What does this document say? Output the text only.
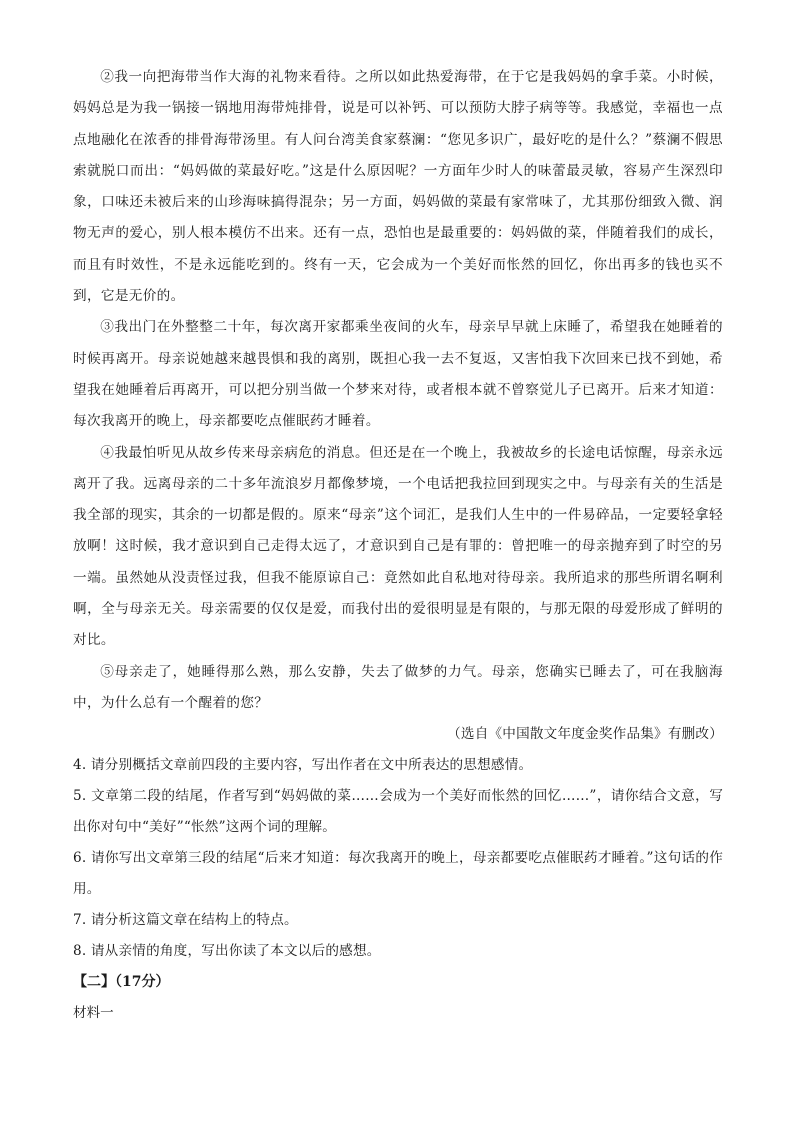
②我一向把海带当作大海的礼物来看待。之所以如此热爱海带，在于它是我妈妈的拿手菜。小时候，妈妈总是为我一锅接一锅地用海带炖排骨，说是可以补钙、可以预防大脖子病等等。我感觉，幸福也一点点地融化在浓香的排骨海带汤里。有人问台湾美食家蔡澜：“您见多识广，最好吃的是什么？”蔡澜不假思索就脱口而出：“妈妈做的菜最好吃。”这是什么原因呢？一方面年少时人的味蕾最灵敏，容易产生深烈印象，口味还未被后来的山珍海味搞得混杂；另一方面，妈妈做的菜最有家常味了，尤其那份细致入微、润物无声的爱心，别人根本模仿不出来。还有一点，恐怕也是最重要的：妈妈做的菜，伴随着我们的成长，而且有时效性，不是永远能吃到的。终有一天，它会成为一个美好而怅然的回忆，你出再多的钱也买不到，它是无价的。

③我出门在外整整二十年，每次离开家都乘坐夜间的火车，母亲早早就上床睡了，希望我在她睡着的时候再离开。母亲说她越来越畏惧和我的离别，既担心我一去不复返，又害怕我下次回来已找不到她，希望我在她睡着后再离开，可以把分别当做一个梦来对待，或者根本就不曾察觉儿子已离开。后来才知道：每次我离开的晚上，母亲都要吃点催眠药才睡着。

④我最怕听见从故乡传来母亲病危的消息。但还是在一个晚上，我被故乡的长途电话惊醒，母亲永远离开了我。远离母亲的二十多年流浪岁月都像梦境，一个电话把我拉回到现实之中。与母亲有关的生活是我全部的现实，其余的一切都是假的。原来“母亲”这个词汇，是我们人生中的一件易碎品，一定要轻拿轻放啊！这时候，我才意识到自己走得太远了，才意识到自己是有罪的：曾把唯一的母亲抛弃到了时空的另一端。虽然她从没责怪过我，但我不能原谅自己：竟然如此自私地对待母亲。我所追求的那些所谓名啊利啊，全与母亲无关。母亲需要的仅仅是爱，而我付出的爱很明显是有限的，与那无限的母爱形成了鲜明的对比。

⑤母亲走了，她睡得那么熟，那么安静，失去了做梦的力气。母亲，您确实已睡去了，可在我脑海中，为什么总有一个醒着的您？

（选自《中国散文年度金奖作品集》有删改）

4. 请分别概括文章前四段的主要内容，写出作者在文中所表达的思想感情。

5. 文章第二段的结尾，作者写到“妈妈做的菜……会成为一个美好而怅然的回忆……”，请你结合文意，写出你对句中“美好”“怅然”这两个词的理解。

6. 请你写出文章第三段的结尾“后来才知道：每次我离开的晚上，母亲都要吃点催眠药才睡着。”这句话的作用。

7. 请分析这篇文章在结构上的特点。

8. 请从亲情的角度，写出你读了本文以后的感想。

【二】（17分）

材料一
